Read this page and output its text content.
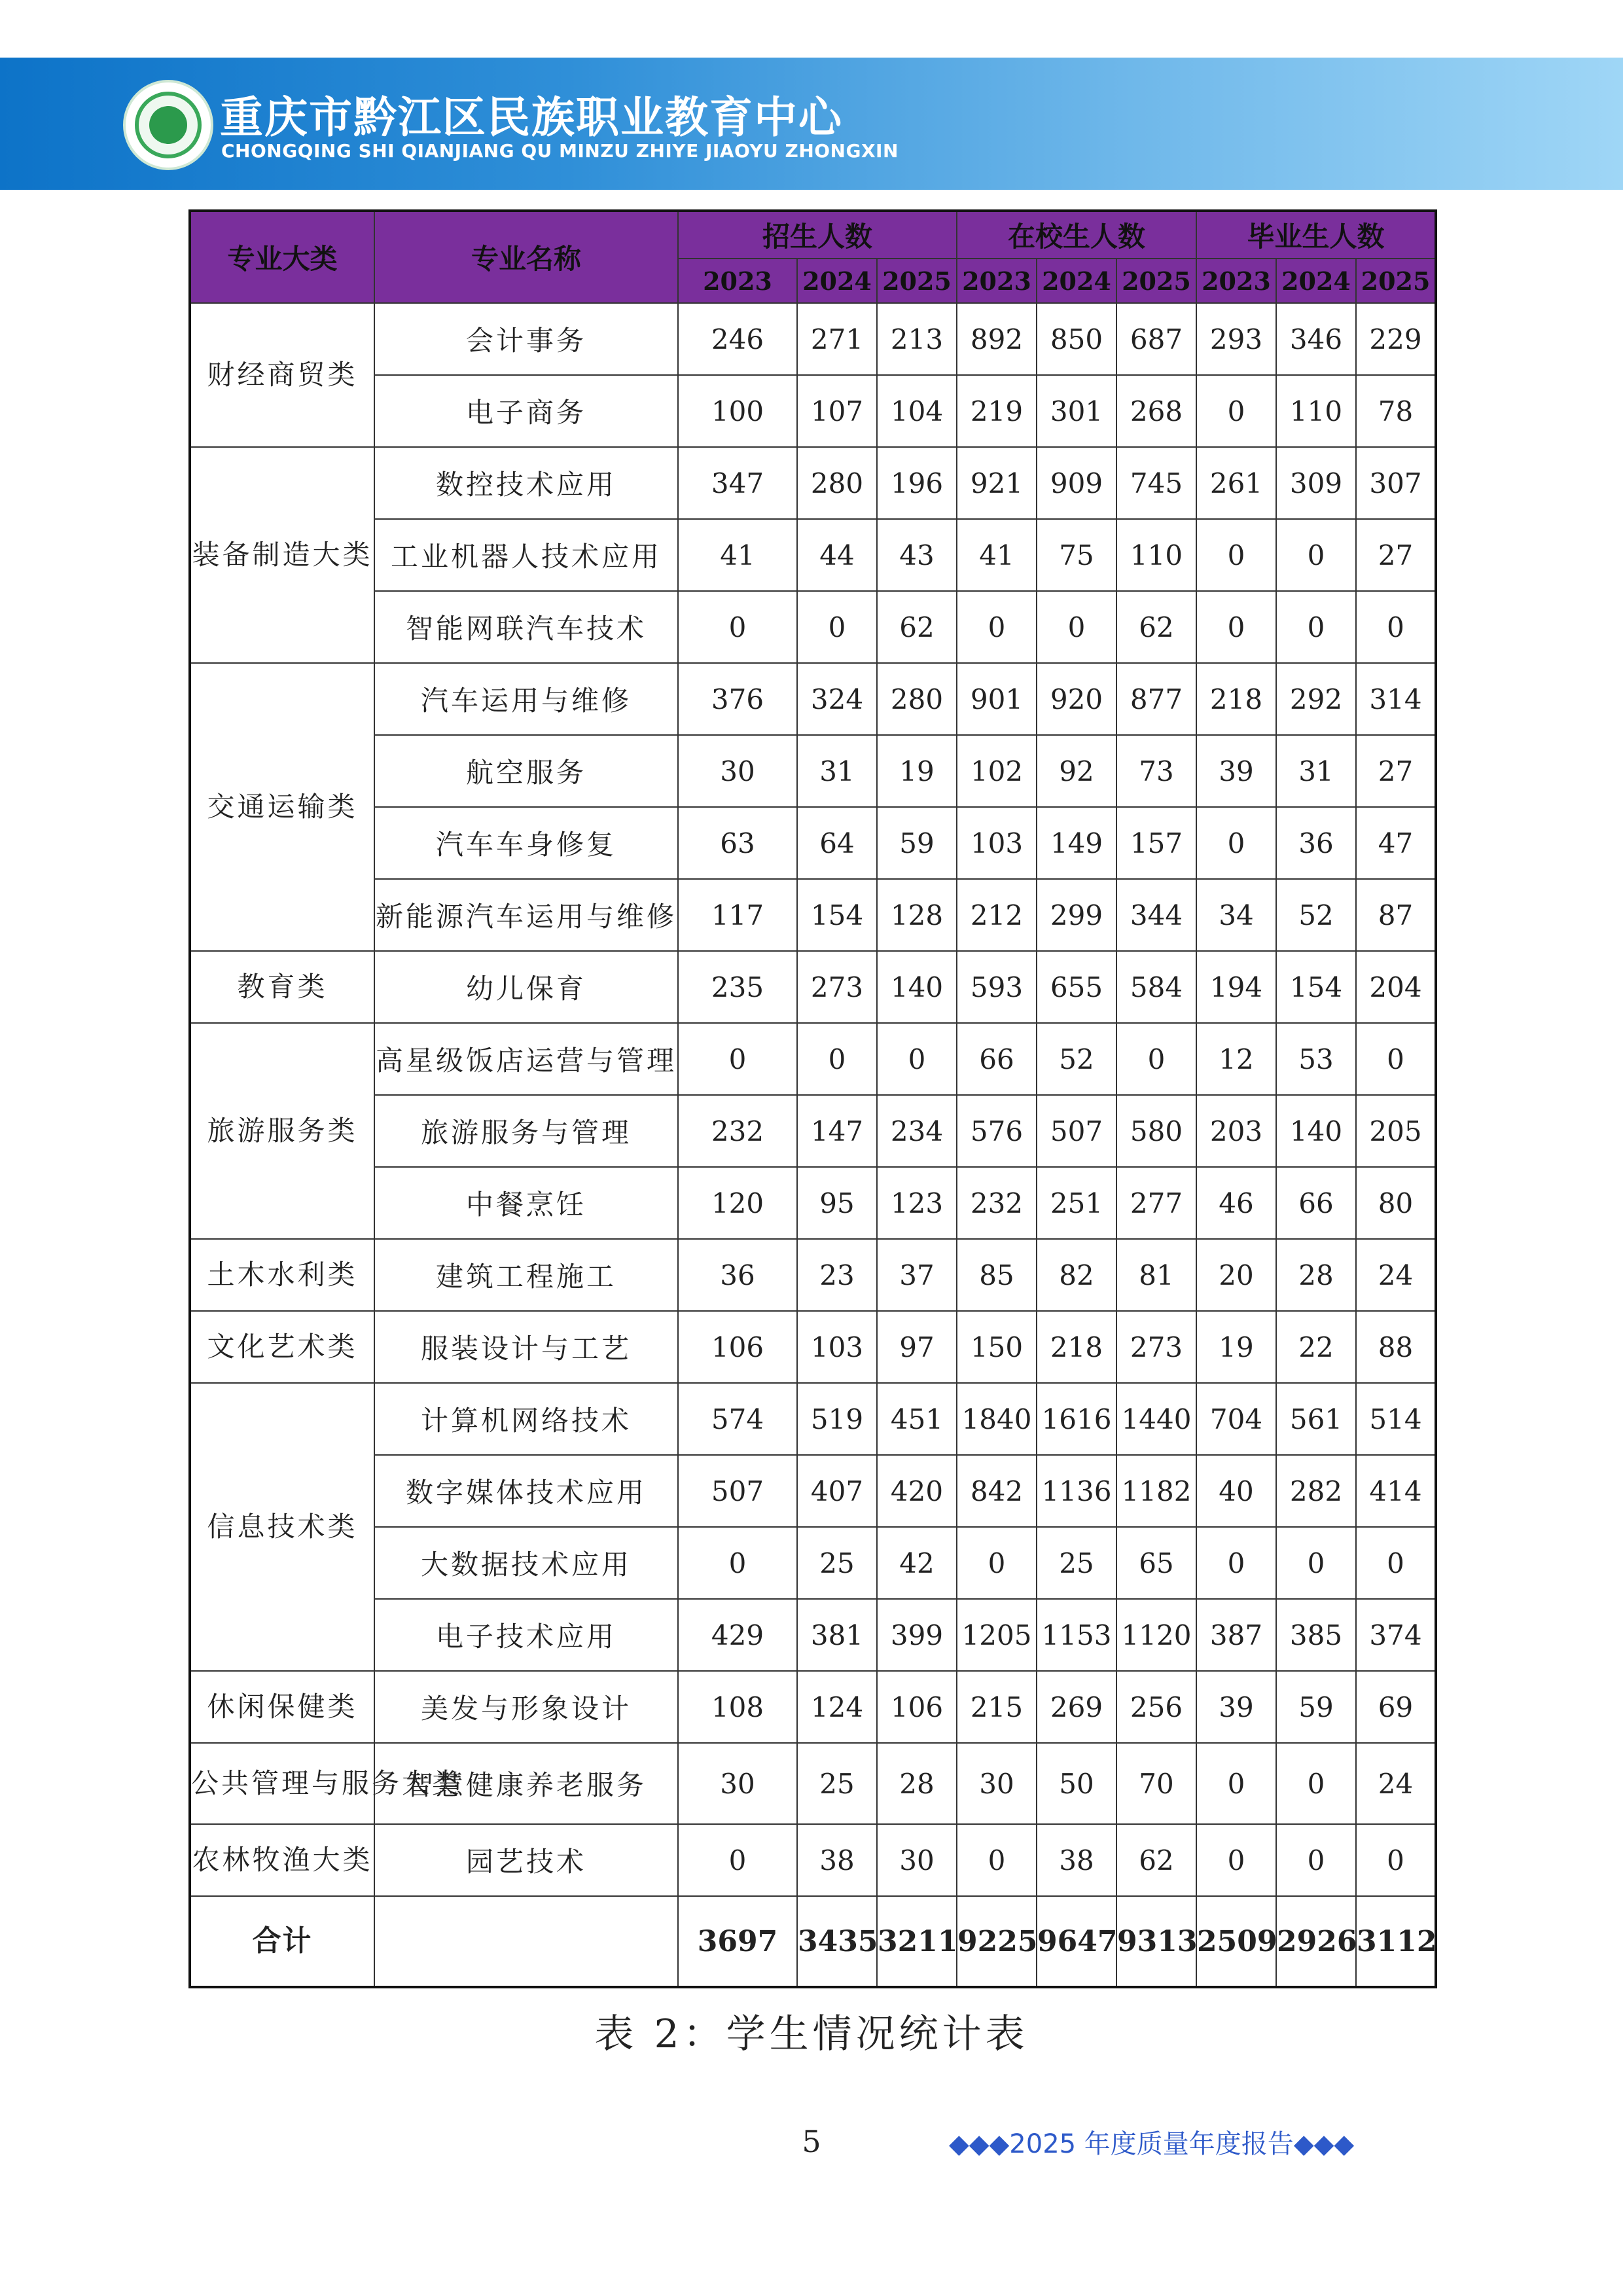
重庆市黔江区民族职业教育中心
CHONGQING SHI QIANJIANG QU MINZU ZHIYE JIAOYU ZHONGXIN
专业大类	专业名称	招生人数			在校生人数			毕业生人数		
		2023	2024	2025	2023	2024	2025	2023	2024	2025
财经商贸类	会计事务	246	271	213	892	850	687	293	346	229
	电子商务	100	107	104	219	301	268	0	110	78
装备制造大类	数控技术应用	347	280	196	921	909	745	261	309	307
	工业机器人技术应用	41	44	43	41	75	110	0	0	27
	智能网联汽车技术	0	0	62	0	0	62	0	0	0
交通运输类	汽车运用与维修	376	324	280	901	920	877	218	292	314
	航空服务	30	31	19	102	92	73	39	31	27
	汽车车身修复	63	64	59	103	149	157	0	36	47
	新能源汽车运用与维修	117	154	128	212	299	344	34	52	87
教育类	幼儿保育	235	273	140	593	655	584	194	154	204
旅游服务类	高星级饭店运营与管理	0	0	0	66	52	0	12	53	0
	旅游服务与管理	232	147	234	576	507	580	203	140	205
	中餐烹饪	120	95	123	232	251	277	46	66	80
土木水利类	建筑工程施工	36	23	37	85	82	81	20	28	24
文化艺术类	服装设计与工艺	106	103	97	150	218	273	19	22	88
信息技术类	计算机网络技术	574	519	451	1840	1616	1440	704	561	514
	数字媒体技术应用	507	407	420	842	1136	1182	40	282	414
	大数据技术应用	0	25	42	0	25	65	0	0	0
	电子技术应用	429	381	399	1205	1153	1120	387	385	374
休闲保健类	美发与形象设计	108	124	106	215	269	256	39	59	69
公共管理与服务大类	智慧健康养老服务	30	25	28	30	50	70	0	0	24
农林牧渔大类	园艺技术	0	38	30	0	38	62	0	0	0
合计		3697	3435	3211	9225	9647	9313	2509	2926	3112
表 2：学生情况统计表
5	◆◆◆2025 年度质量年度报告◆◆◆
